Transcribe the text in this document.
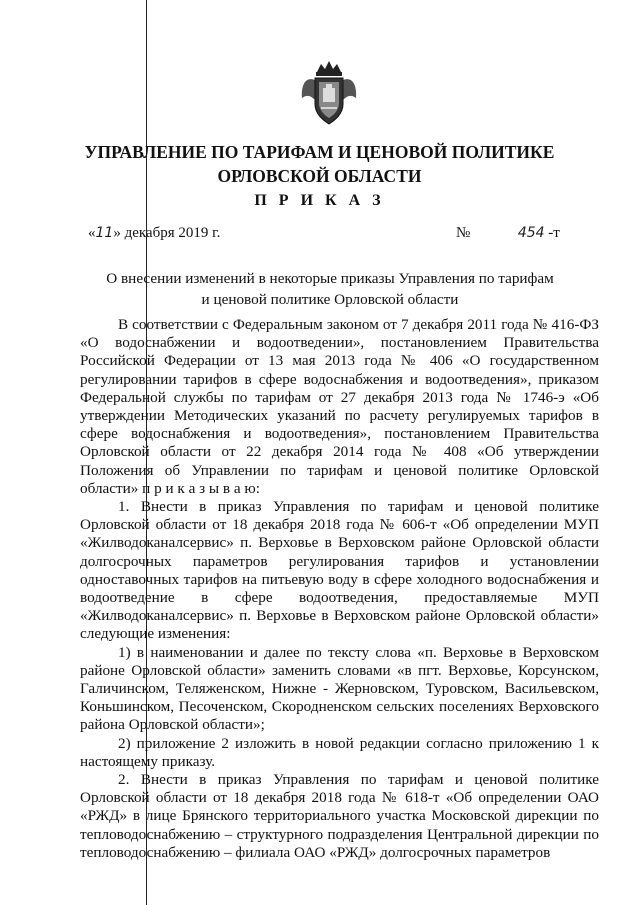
УПРАВЛЕНИЕ ПО ТАРИФАМ И ЦЕНОВОЙ ПОЛИТИКЕ
ОРЛОВСКОЙ ОБЛАСТИ
П Р И К А З
«11» декабря 2019 г.	№	454 -т
О внесении изменений в некоторые приказы Управления по тарифам
и ценовой политике Орловской области

В соответствии с Федеральным законом от 7 декабря 2011 года № 416-ФЗ «О водоснабжении и водоотведении», постановлением Правительства Российской Федерации от 13 мая 2013 года № 406 «О государственном регулировании тарифов в сфере водоснабжения и водоотведения», приказом Федеральной службы по тарифам от 27 декабря 2013 года № 1746-э «Об утверждении Методических указаний по расчету регулируемых тарифов в сфере водоснабжения и водоотведения», постановлением Правительства Орловской области от 22 декабря 2014 года № 408 «Об утверждении Положения об Управлении по тарифам и ценовой политике Орловской области» п р и к а з ы в а ю:

1. Внести в приказ Управления по тарифам и ценовой политике Орловской области от 18 декабря 2018 года № 606-т «Об определении МУП «Жилводоканалсервис» п. Верховье в Верховском районе Орловской области долгосрочных параметров регулирования тарифов и установлении одноставочных тарифов на питьевую воду в сфере холодного водоснабжения и водоотведение в сфере водоотведения, предоставляемые МУП «Жилводоканалсервис» п. Верховье в Верховском районе Орловской области» следующие изменения:

1) в наименовании и далее по тексту слова «п. Верховье в Верховском районе Орловской области» заменить словами «в пгт. Верховье, Корсунском, Галичинском, Теляженском, Нижне - Жерновском, Туровском, Васильевском, Коньшинском, Песоченском, Скородненском сельских поселениях Верховского района Орловской области»;

2) приложение 2 изложить в новой редакции согласно приложению 1 к настоящему приказу.

2. Внести в приказ Управления по тарифам и ценовой политике Орловской области от 18 декабря 2018 года № 618-т «Об определении ОАО «РЖД» в лице Брянского территориального участка Московской дирекции по тепловодоснабжению – структурного подразделения Центральной дирекции по тепловодоснабжению – филиала ОАО «РЖД» долгосрочных параметров
